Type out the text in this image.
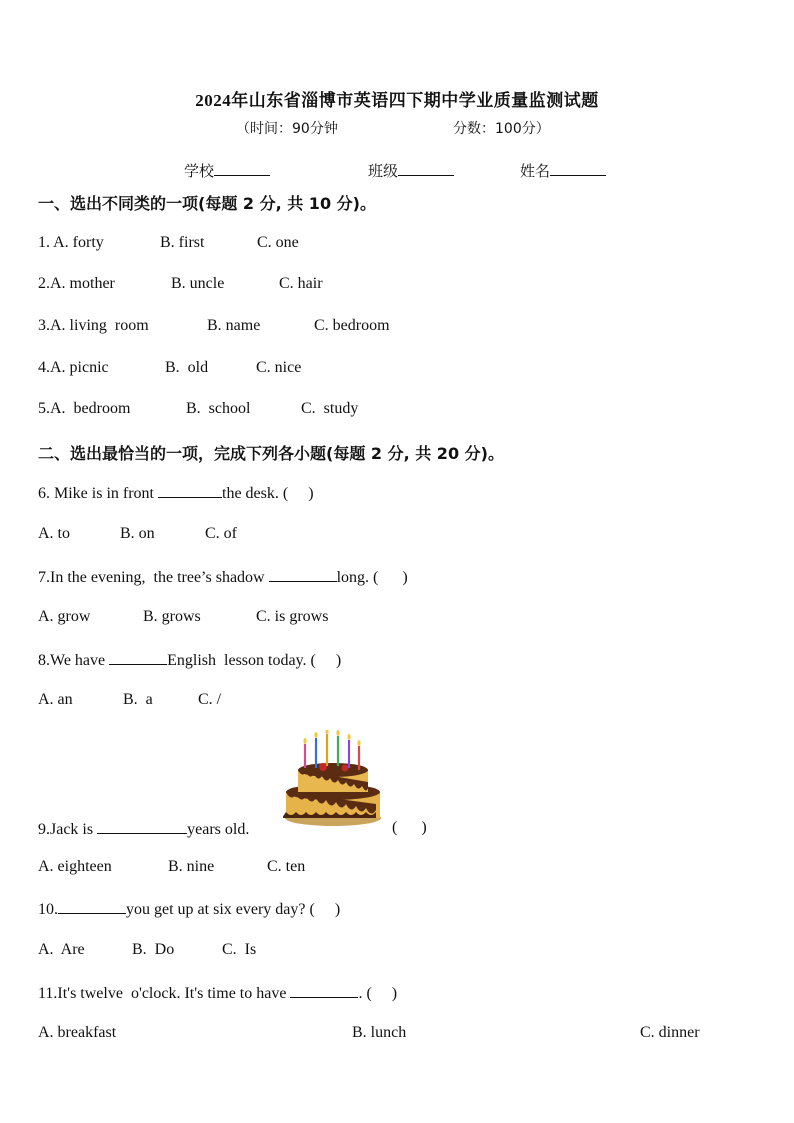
2024年山东省淄博市英语四下期中学业质量监测试题
（时间：90分钟	分数：100分）
学校	班级	姓名
一、选出不同类的一项(每题 2 分, 共 10 分)。
1. A. forty	B. first	C. one
2.A. mother	B. uncle	C. hair
3.A. living  room	B. name	C. bedroom
4.A. picnic	B.  old	C. nice
5.A.  bedroom	B.  school	C.  study
二、选出最恰当的一项，完成下列各小题(每题 2 分, 共 20 分)。
6. Mike is in front	the desk. (     )
A. to	B. on	C. of
7.In the evening,  the tree’s shadow	long. (      )
A. grow	B. grows	C. is grows
8.We have	English  lesson today. (     )
A. an	B.  a	C. /
9.Jack is	years old.	(      )
A. eighteen	B. nine	C. ten
10.	you get up at six every day? (     )
A.  Are	B.  Do	C.  Is
11.It's twelve  o'clock. It's time to have	. (     )
A. breakfast	B. lunch	C. dinner
